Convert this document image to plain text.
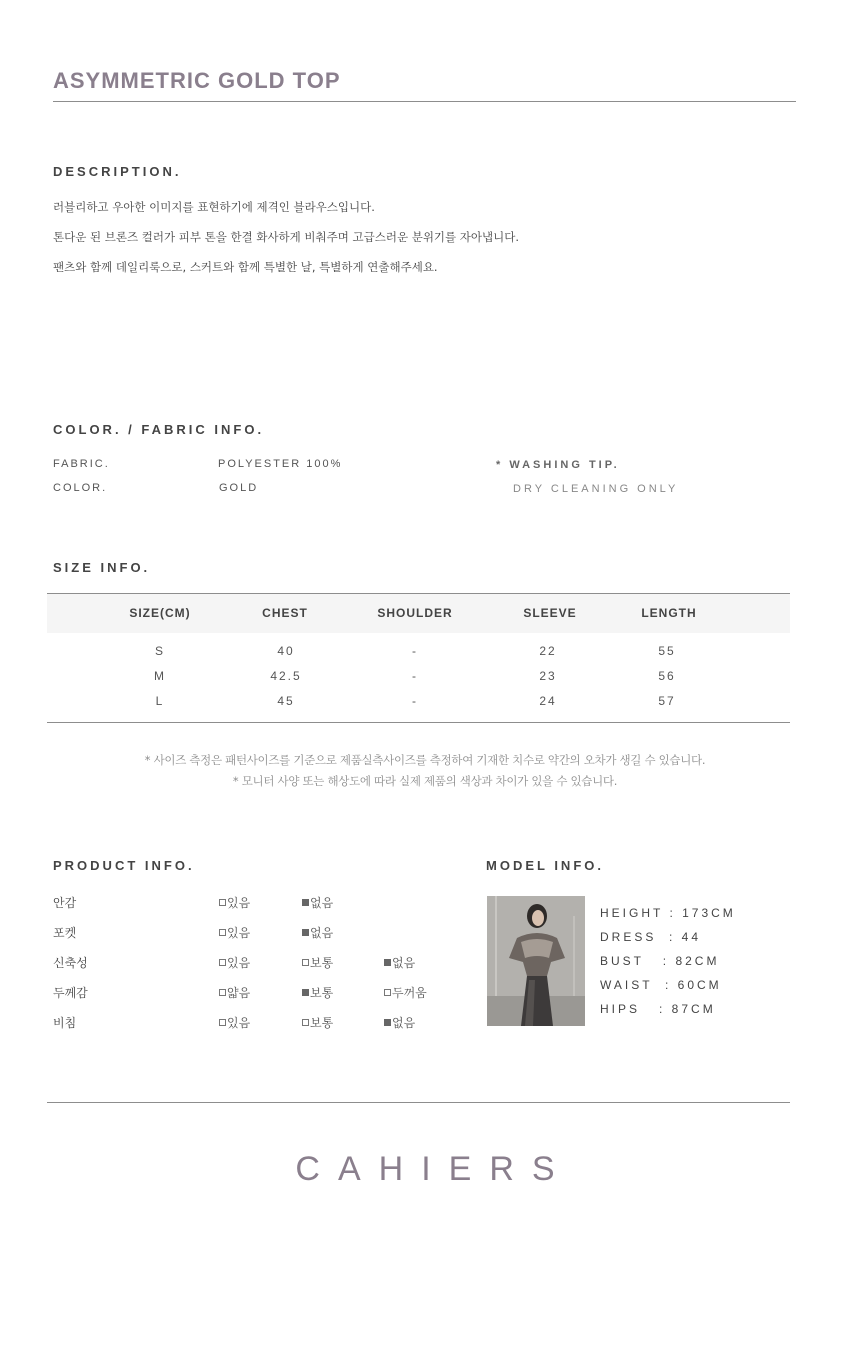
ASYMMETRIC GOLD TOP
DESCRIPTION.
러블리하고 우아한 이미지를 표현하기에 제격인 블라우스입니다.
톤다운 된 브론즈 컬러가 피부 톤을 한결 화사하게 비춰주며 고급스러운 분위기를 자아냅니다.
팬츠와 함께 데일리룩으로, 스커트와 함께 특별한 날, 특별하게 연출해주세요.
COLOR. / FABRIC INFO.
FABRIC.	POLYESTER 100%
COLOR.	GOLD
* WASHING TIP.
DRY CLEANING ONLY
SIZE INFO.
SIZE(CM)	CHEST	SHOULDER	SLEEVE	LENGTH
S	40	-	22	55
M	42.5	-	23	56
L	45	-	24	57
* 사이즈 측정은 패턴사이즈를 기준으로 제품실측사이즈를 측정하여 기재한 치수로 약간의 오차가 생길 수 있습니다.
* 모니터 사양 또는 해상도에 따라 실제 제품의 색상과 차이가 있을 수 있습니다.
PRODUCT INFO.
안감	있음	없음
포켓	있음	없음
신축성	있음	보통	없음
두께감	얇음	보통	두꺼움
비침	있음	보통	없음
MODEL INFO.
HEIGHT : 173CM
DRESS  : 44
BUST   : 82CM
WAIST  : 60CM
HIPS   : 87CM
CAHIERS
